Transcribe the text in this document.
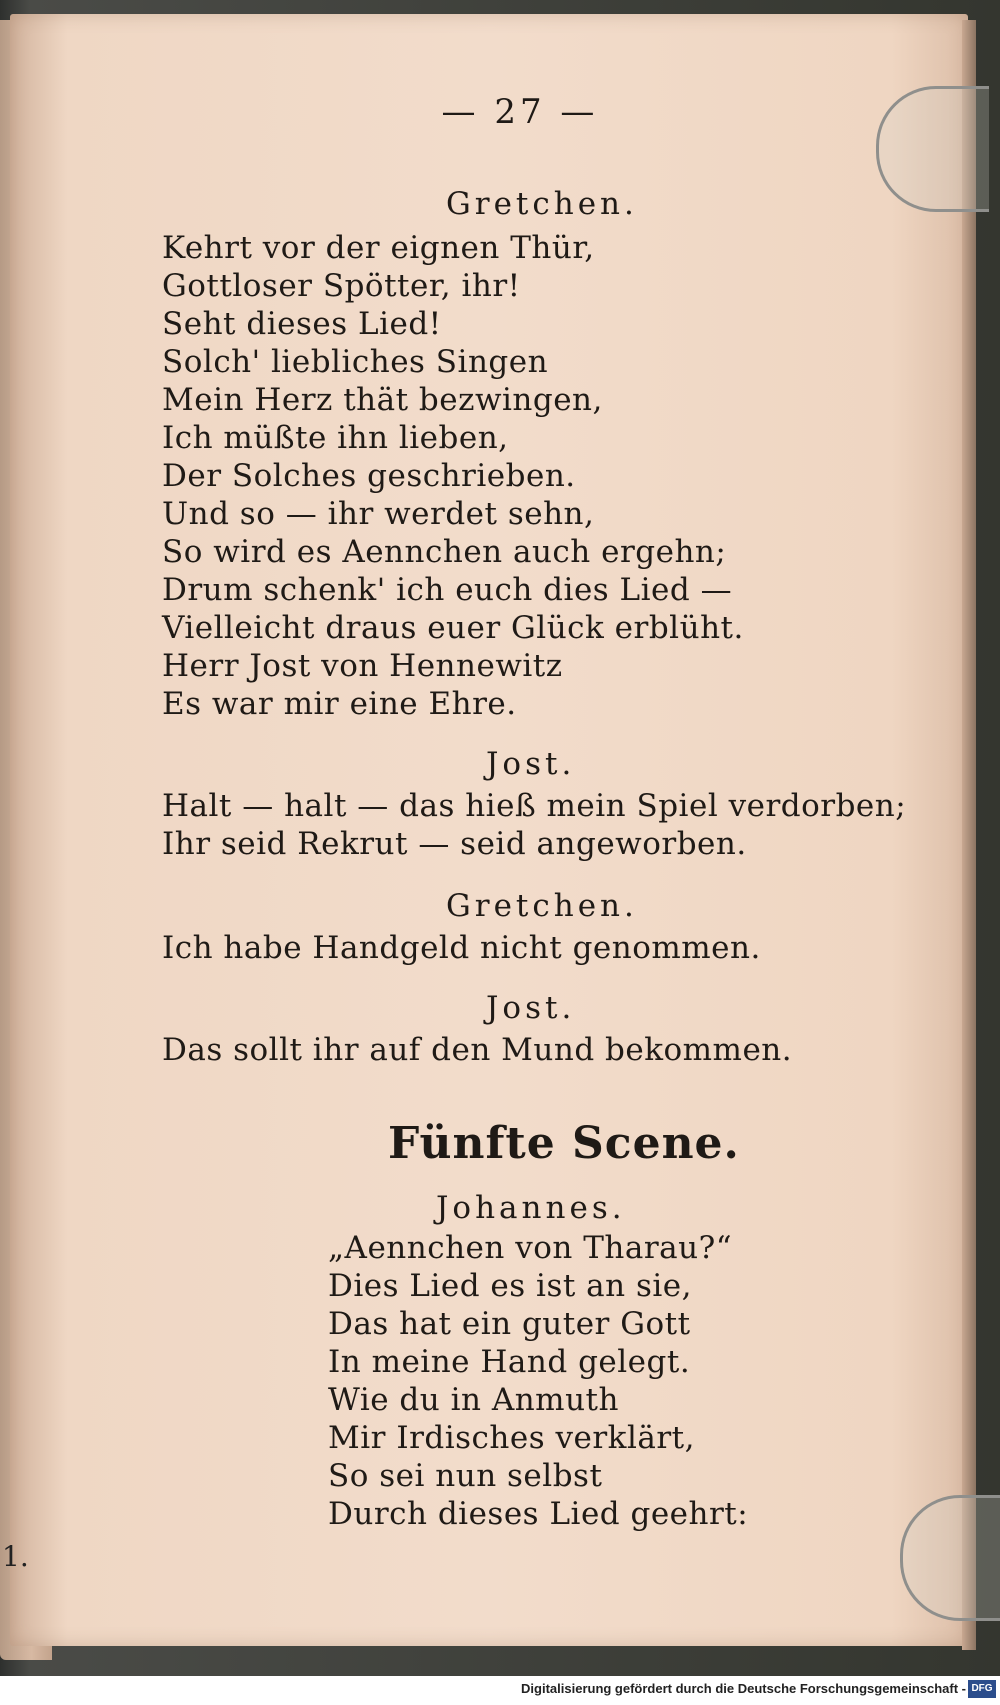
1.
— 27 —
Gretchen.
Kehrt vor der eignen Thür,
Gottloser Spötter, ihr!
Seht dieses Lied!
Solch' liebliches Singen
Mein Herz thät bezwingen,
Ich müßte ihn lieben,
Der Solches geschrieben.
Und so — ihr werdet sehn,
So wird es Aennchen auch ergehn;
Drum schenk' ich euch dies Lied —
Vielleicht draus euer Glück erblüht.
Herr Jost von Hennewitz
Es war mir eine Ehre.
Jost.
Halt — halt — das hieß mein Spiel verdorben;
Ihr seid Rekrut — seid angeworben.
Gretchen.
Ich habe Handgeld nicht genommen.
Jost.
Das sollt ihr auf den Mund bekommen.
Fünfte Scene.
Johannes.
„Aennchen von Tharau?“
Dies Lied es ist an sie,
Das hat ein guter Gott
In meine Hand gelegt.
Wie du in Anmuth
Mir Irdisches verklärt,
So sei nun selbst
Durch dieses Lied geehrt:
Digitalisierung gefördert durch die Deutsche Forschungsgemeinschaft - DFG
